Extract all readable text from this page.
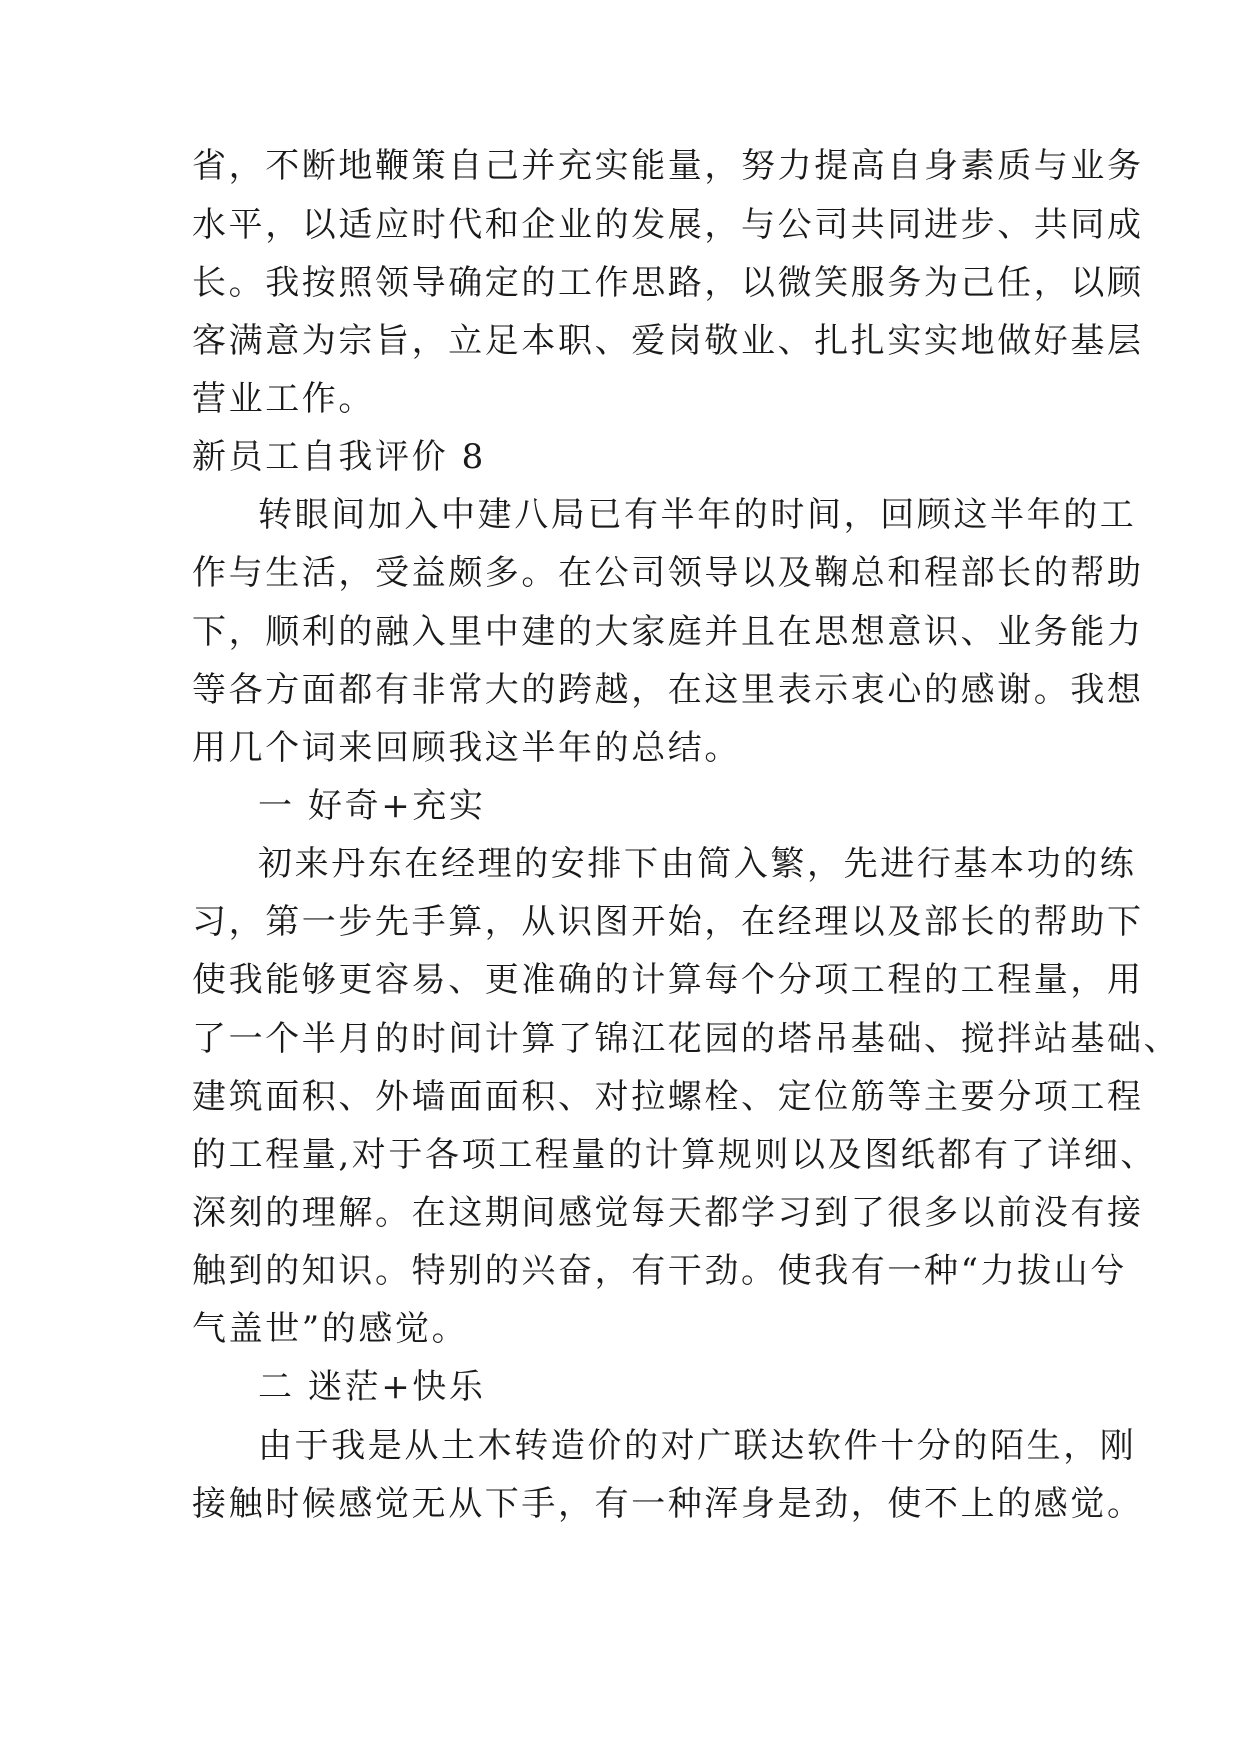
省，不断地鞭策自己并充实能量，努力提高自身素质与业务
水平，以适应时代和企业的发展，与公司共同进步、共同成
长。我按照领导确定的工作思路，以微笑服务为己任，以顾
客满意为宗旨，立足本职、爱岗敬业、扎扎实实地做好基层
营业工作。
新员工自我评价 8
转眼间加入中建八局已有半年的时间，回顾这半年的工
作与生活，受益颇多。在公司领导以及鞠总和程部长的帮助
下，顺利的融入里中建的大家庭并且在思想意识、业务能力
等各方面都有非常大的跨越，在这里表示衷心的感谢。我想
用几个词来回顾我这半年的总结。
一 好奇+充实
初来丹东在经理的安排下由简入繁，先进行基本功的练
习，第一步先手算，从识图开始，在经理以及部长的帮助下
使我能够更容易、更准确的计算每个分项工程的工程量，用
了一个半月的时间计算了锦江花园的塔吊基础、搅拌站基础、
建筑面积、外墙面面积、对拉螺栓、定位筋等主要分项工程
的工程量,对于各项工程量的计算规则以及图纸都有了详细、
深刻的理解。在这期间感觉每天都学习到了很多以前没有接
触到的知识。特别的兴奋，有干劲。使我有一种“力拔山兮
气盖世”的感觉。
二 迷茫+快乐
由于我是从土木转造价的对广联达软件十分的陌生，刚
接触时候感觉无从下手，有一种浑身是劲，使不上的感觉。
